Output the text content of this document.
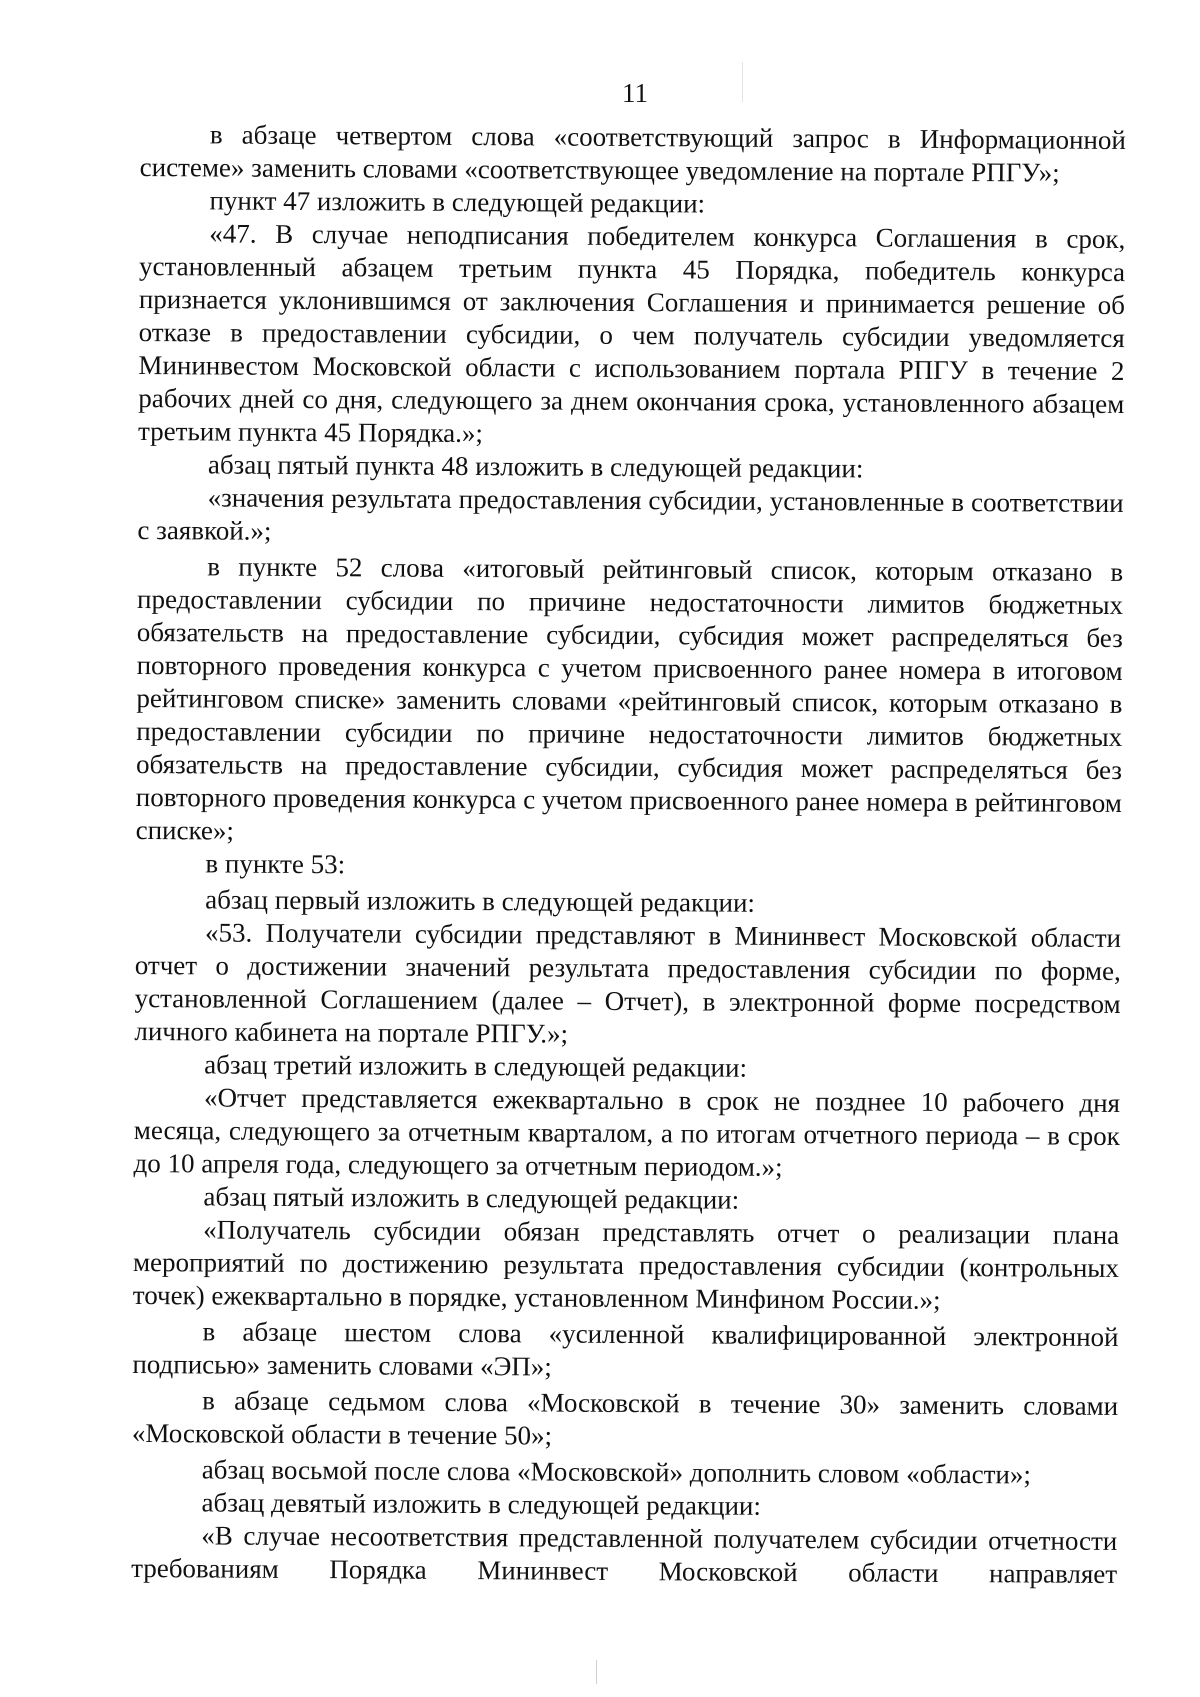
11

в абзаце четвертом слова «соответствующий запрос в Информационной системе» заменить словами «соответствующее уведомление на портале РПГУ»;

пункт 47 изложить в следующей редакции:

«47. В случае неподписания победителем конкурса Соглашения в срок, установленный абзацем третьим пункта 45 Порядка, победитель конкурса признается уклонившимся от заключения Соглашения и принимается решение об отказе в предоставлении субсидии, о чем получатель субсидии уведомляется Мининвестом Московской области с использованием портала РПГУ в течение 2 рабочих дней со дня, следующего за днем окончания срока, установленного абзацем третьим пункта 45 Порядка.»;

абзац пятый пункта 48 изложить в следующей редакции:

«значения результата предоставления субсидии, установленные в соответствии с заявкой.»;

в пункте 52 слова «итоговый рейтинговый список, которым отказано в предоставлении субсидии по причине недостаточности лимитов бюджетных обязательств на предоставление субсидии, субсидия может распределяться без повторного проведения конкурса с учетом присвоенного ранее номера в итоговом рейтинговом списке» заменить словами «рейтинговый список, которым отказано в предоставлении субсидии по причине недостаточности лимитов бюджетных обязательств на предоставление субсидии, субсидия может распределяться без повторного проведения конкурса с учетом присвоенного ранее номера в рейтинговом списке»;

в пункте 53:

абзац первый изложить в следующей редакции:

«53. Получатели субсидии представляют в Мининвест Московской области отчет о достижении значений результата предоставления субсидии по форме, установленной Соглашением (далее – Отчет), в электронной форме посредством личного кабинета на портале РПГУ.»;

абзац третий изложить в следующей редакции:

«Отчет представляется ежеквартально в срок не позднее 10 рабочего дня месяца, следующего за отчетным кварталом, а по итогам отчетного периода – в срок до 10 апреля года, следующего за отчетным периодом.»;

абзац пятый изложить в следующей редакции:

«Получатель субсидии обязан представлять отчет о реализации плана мероприятий по достижению результата предоставления субсидии (контрольных точек) ежеквартально в порядке, установленном Минфином России.»;

в абзаце шестом слова «усиленной квалифицированной электронной подписью» заменить словами «ЭП»;

в абзаце седьмом слова «Московской в течение 30» заменить словами «Московской области в течение 50»;

абзац восьмой после слова «Московской» дополнить словом «области»;

абзац девятый изложить в следующей редакции:

«В случае несоответствия представленной получателем субсидии отчетности требованиям Порядка Мининвест Московской области направляет
